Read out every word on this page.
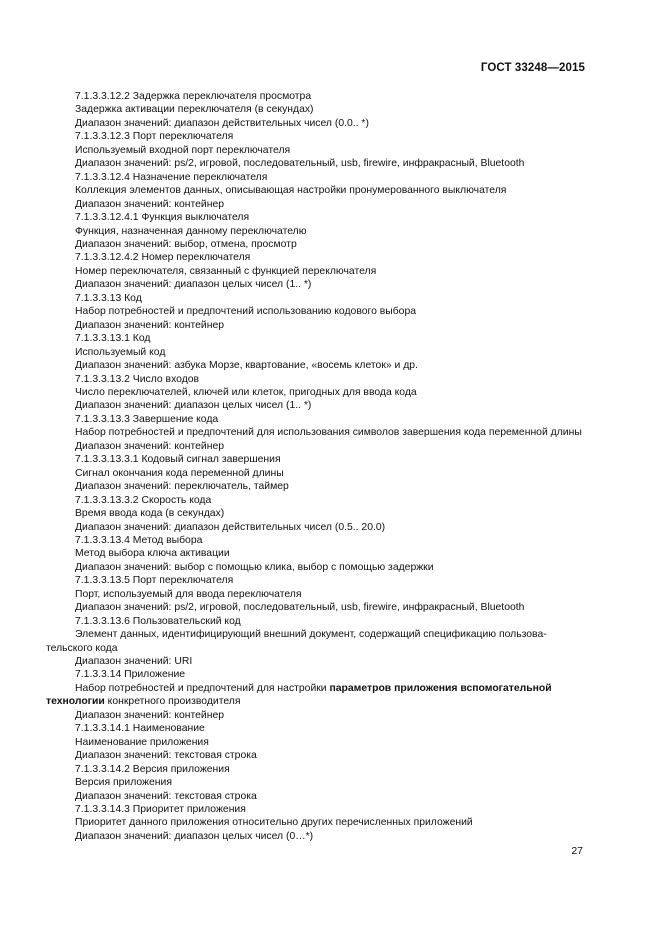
ГОСТ 33248—2015

7.1.3.3.12.2 Задержка переключателя просмотра

Задержка активации переключателя (в секундах)

Диапазон значений: диапазон действительных чисел (0.0.. *)

7.1.3.3.12.3 Порт переключателя

Используемый входной порт переключателя

Диапазон значений: ps/2, игровой, последовательный, usb, firewire, инфракрасный, Bluetooth

7.1.3.3.12.4 Назначение переключателя

Коллекция элементов данных, описывающая настройки пронумерованного выключателя

Диапазон значений: контейнер

7.1.3.3.12.4.1 Функция выключателя

Функция, назначенная данному переключателю

Диапазон значений: выбор, отмена, просмотр

7.1.3.3.12.4.2 Номер переключателя

Номер переключателя, связанный с функцией переключателя

Диапазон значений: диапазон целых чисел (1.. *)

7.1.3.3.13 Код

Набор потребностей и предпочтений использованию кодового выбора

Диапазон значений: контейнер

7.1.3.3.13.1 Код

Используемый код

Диапазон значений: азбука Морзе, квартование, «восемь клеток» и др.

7.1.3.3.13.2 Число входов

Число переключателей, ключей или клеток, пригодных для ввода кода

Диапазон значений: диапазон целых чисел (1.. *)

7.1.3.3.13.3 Завершение кода

Набор потребностей и предпочтений для использования символов завершения кода переменной длины

Диапазон значений: контейнер

7.1.3.3.13.3.1 Кодовый сигнал завершения

Сигнал окончания кода переменной длины

Диапазон значений: переключатель, таймер

7.1.3.3.13.3.2 Скорость кода

Время ввода кода (в секундах)

Диапазон значений: диапазон действительных чисел (0.5.. 20.0)

7.1.3.3.13.4 Метод выбора

Метод выбора ключа активации

Диапазон значений: выбор с помощью клика, выбор с помощью задержки

7.1.3.3.13.5 Порт переключателя

Порт, используемый для ввода переключателя

Диапазон значений: ps/2, игровой, последовательный, usb, firewire, инфракрасный, Bluetooth

7.1.3.3.13.6 Пользовательский код

Элемент данных, идентифицирующий внешний документ, содержащий спецификацию пользова-тельского кода

Диапазон значений: URI

7.1.3.3.14 Приложение

Набор потребностей и предпочтений для настройки параметров приложения вспомогательной технологии конкретного производителя

Диапазон значений: контейнер

7.1.3.3.14.1 Наименование

Наименование приложения

Диапазон значений: текстовая строка

7.1.3.3.14.2 Версия приложения

Версия приложения

Диапазон значений: текстовая строка

7.1.3.3.14.3 Приоритет приложения

Приоритет данного приложения относительно других перечисленных приложений

Диапазон значений: диапазон целых чисел (0…*)

27
